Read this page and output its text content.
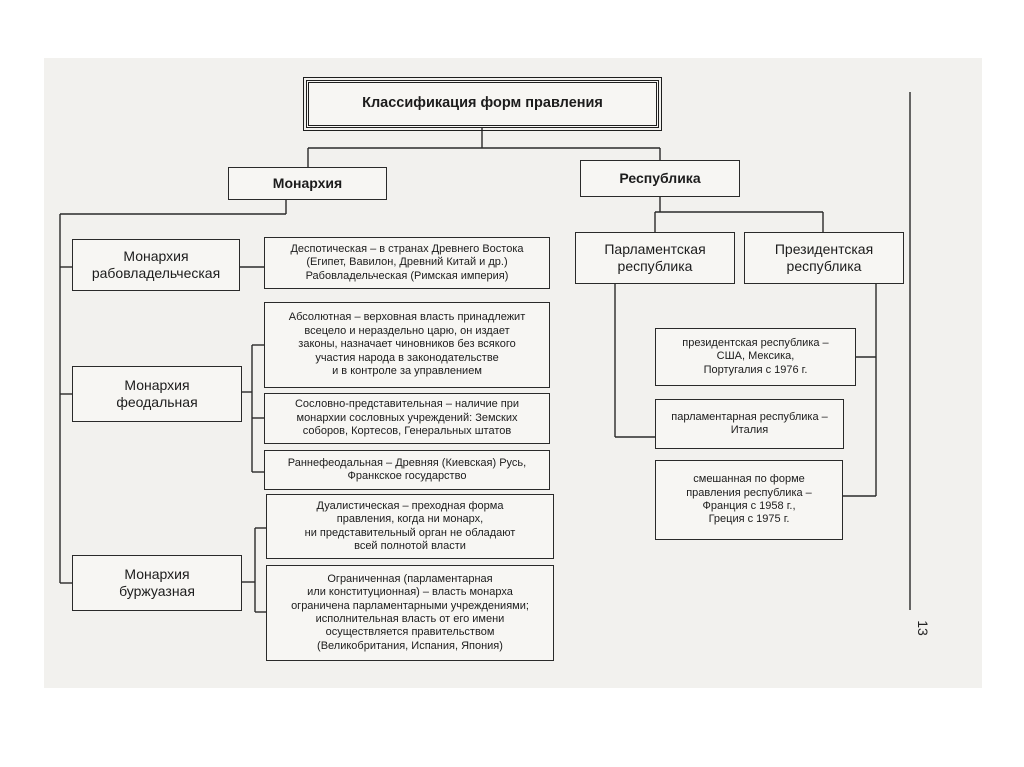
Классификация форм правления
Монархия	Республика
Монархия
рабовладельческая
Монархия
феодальная
Монархия
буржуазная
Деспотическая – в странах Древнего Востока
(Египет, Вавилон, Древний Китай и др.)
Рабовладельческая (Римская империя)
Абсолютная – верховная власть принадлежит
всецело и нераздельно царю, он издает
законы, назначает чиновников без всякого
участия народа в законодательстве
и в контроле за управлением
Сословно-представительная – наличие при
монархии сословных учреждений: Земских
соборов, Кортесов, Генеральных штатов
Раннефеодальная – Древняя (Киевская) Русь,
Франкское государство
Дуалистическая – преходная форма
правления, когда ни монарх,
ни представительный орган не обладают
всей полнотой власти
Ограниченная (парламентарная
или конституционная) – власть монарха
ограничена парламентарными учреждениями;
исполнительная власть от его имени
осуществляется правительством
(Великобритания, Испания, Япония)
Парламентская
республика
Президентская
республика
президентская республика –
США, Мексика,
Португалия с 1976 г.
парламентарная республика –
Италия
смешанная по форме
правления республика –
Франция с 1958 г.,
Греция с 1975 г.
13
